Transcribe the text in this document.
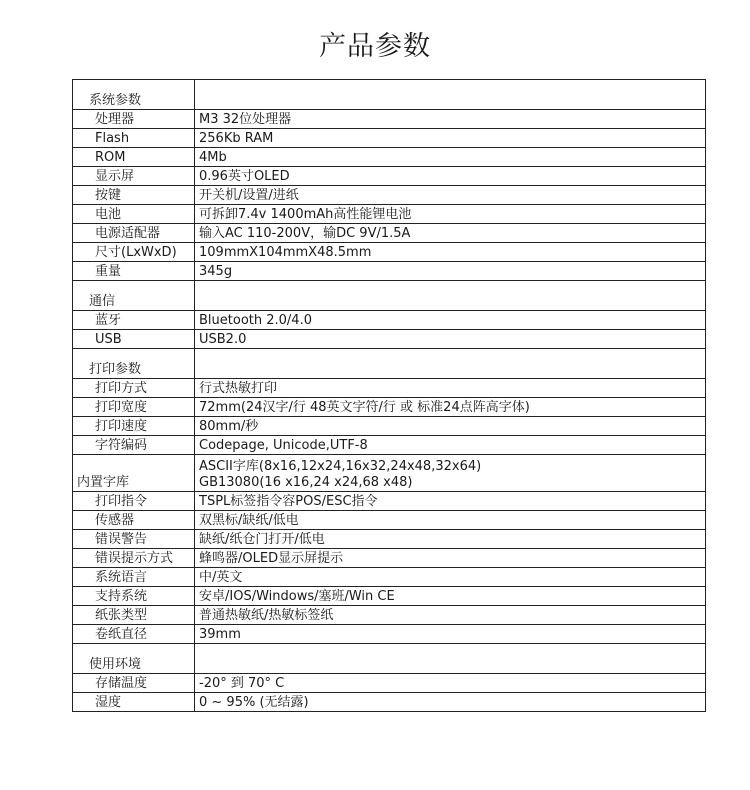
产品参数
系统参数	
处理器	M3 32位处理器
Flash	256Kb RAM
ROM	4Mb
显示屏	0.96英寸OLED
按键	开关机/设置/进纸
电池	可拆卸7.4v 1400mAh高性能锂电池
电源适配器	输入AC 110-200V，输DC 9V/1.5A
尺寸(LxWxD)	109mmX104mmX48.5mm
重量	345g
通信	
蓝牙	Bluetooth 2.0/4.0
USB	USB2.0
打印参数	
打印方式	行式热敏打印
打印宽度	72mm(24汉字/行 48英文字符/行 或 标准24点阵高字体)
打印速度	80mm/秒
字符编码	Codepage, Unicode,UTF-8
内置字库	ASCII字库(8x16,12x24,16x32,24x48,32x64)
GB13080(16 x16,24 x24,68 x48)

打印指令	TSPL标签指令容POS/ESC指令
传感器	双黑标/缺纸/低电
错误警告	缺纸/纸仓门打开/低电
错误提示方式	蜂鸣器/OLED显示屏提示
系统语言	中/英文
支持系统	安卓/IOS/Windows/塞班/Win CE
纸张类型	普通热敏纸/热敏标签纸
卷纸直径	39mm
使用环境	
存储温度	-20° 到 70° C
湿度	0 ~ 95% (无结露)
